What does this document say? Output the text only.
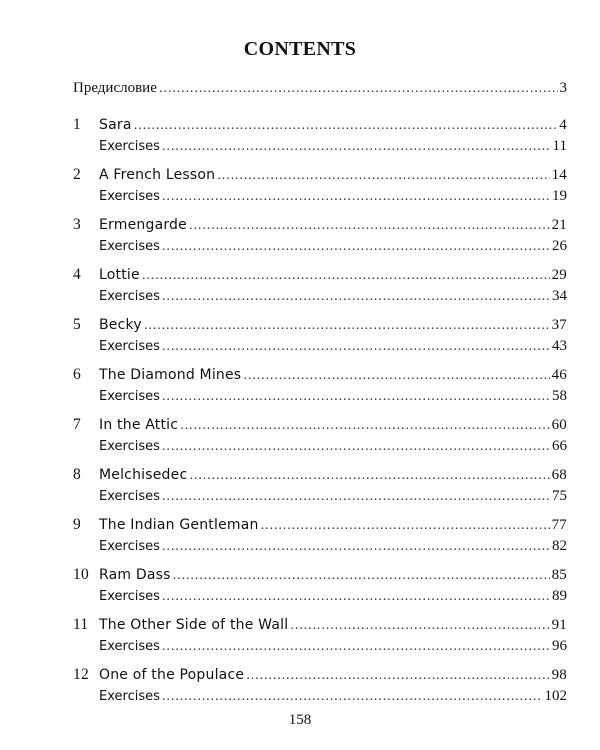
CONTENTS
Предисловие .....	3
1	Sara .....	4
Exercises .....	11
2	A French Lesson .....	14
Exercises .....	19
3	Ermengarde .....	21
Exercises .....	26
4	Lottie .....	29
Exercises .....	34
5	Becky .....	37
Exercises .....	43
6	The Diamond Mines .....	46
Exercises .....	58
7	In the Attic .....	60
Exercises .....	66
8	Melchisedec .....	68
Exercises .....	75
9	The Indian Gentleman .....	77
Exercises .....	82
10 Ram Dass .....	85
Exercises .....	89
11 The Other Side of the Wall .....	91
Exercises .....	96
12 One of the Populace .....	98
Exercises .....	102
158
